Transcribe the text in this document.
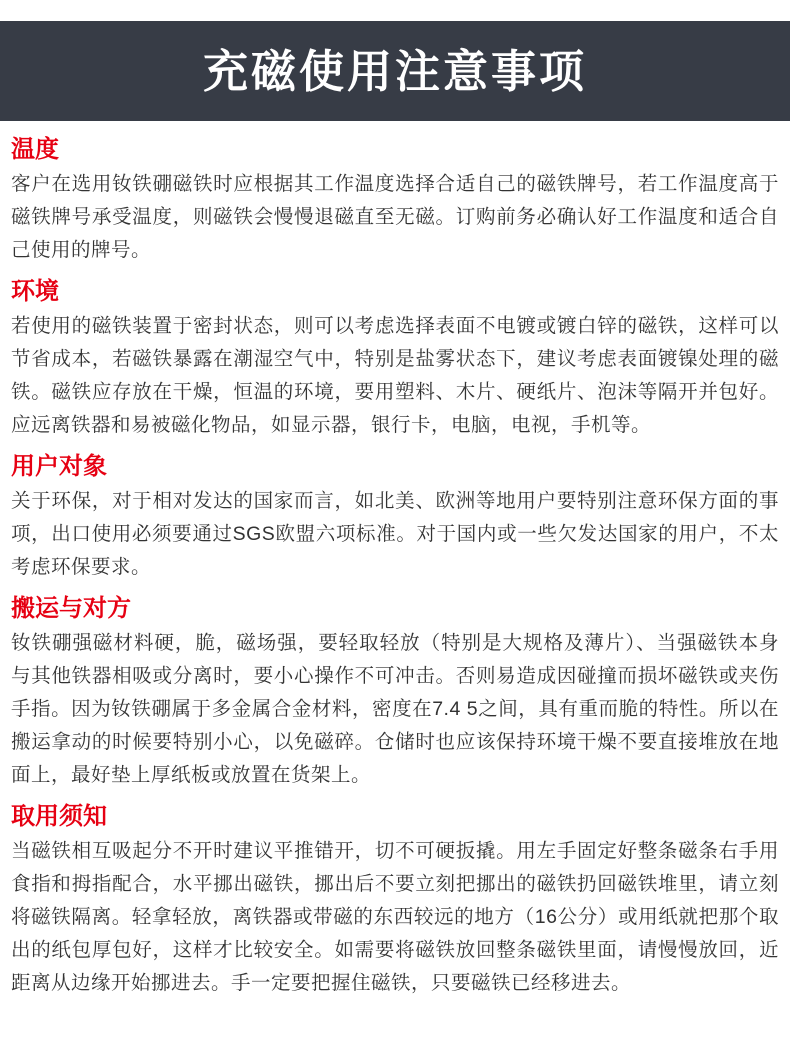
充磁使用注意事项
温度

客户在选用钕铁硼磁铁时应根据其工作温度选择合适自己的磁铁牌号，若工作温度高于磁铁牌号承受温度，则磁铁会慢慢退磁直至无磁。订购前务必确认好工作温度和适合自己使用的牌号。

环境

若使用的磁铁装置于密封状态，则可以考虑选择表面不电镀或镀白锌的磁铁，这样可以节省成本，若磁铁暴露在潮湿空气中，特别是盐雾状态下，建议考虑表面镀镍处理的磁铁。磁铁应存放在干燥，恒温的环境，要用塑料、木片、硬纸片、泡沫等隔开并包好。应远离铁器和易被磁化物品，如显示器，银行卡，电脑，电视，手机等。

用户对象

关于环保，对于相对发达的国家而言，如北美、欧洲等地用户要特别注意环保方面的事项，出口使用必须要通过SGS欧盟六项标准。对于国内或一些欠发达国家的用户，不太考虑环保要求。

搬运与对方

钕铁硼强磁材料硬，脆，磁场强，要轻取轻放（特别是大规格及薄片）、当强磁铁本身与其他铁器相吸或分离时，要小心操作不可冲击。否则易造成因碰撞而损坏磁铁或夹伤手指。因为钕铁硼属于多金属合金材料，密度在7.4 5之间，具有重而脆的特性。所以在搬运拿动的时候要特别小心，以免磁碎。仓储时也应该保持环境干燥不要直接堆放在地面上，最好垫上厚纸板或放置在货架上。

取用须知

当磁铁相互吸起分不开时建议平推错开，切不可硬扳撬。用左手固定好整条磁条右手用食指和拇指配合，水平挪出磁铁，挪出后不要立刻把挪出的磁铁扔回磁铁堆里，请立刻将磁铁隔离。轻拿轻放，离铁器或带磁的东西较远的地方（16公分）或用纸就把那个取出的纸包厚包好，这样才比较安全。如需要将磁铁放回整条磁铁里面，请慢慢放回，近距离从边缘开始挪进去。手一定要把握住磁铁，只要磁铁已经移进去。
